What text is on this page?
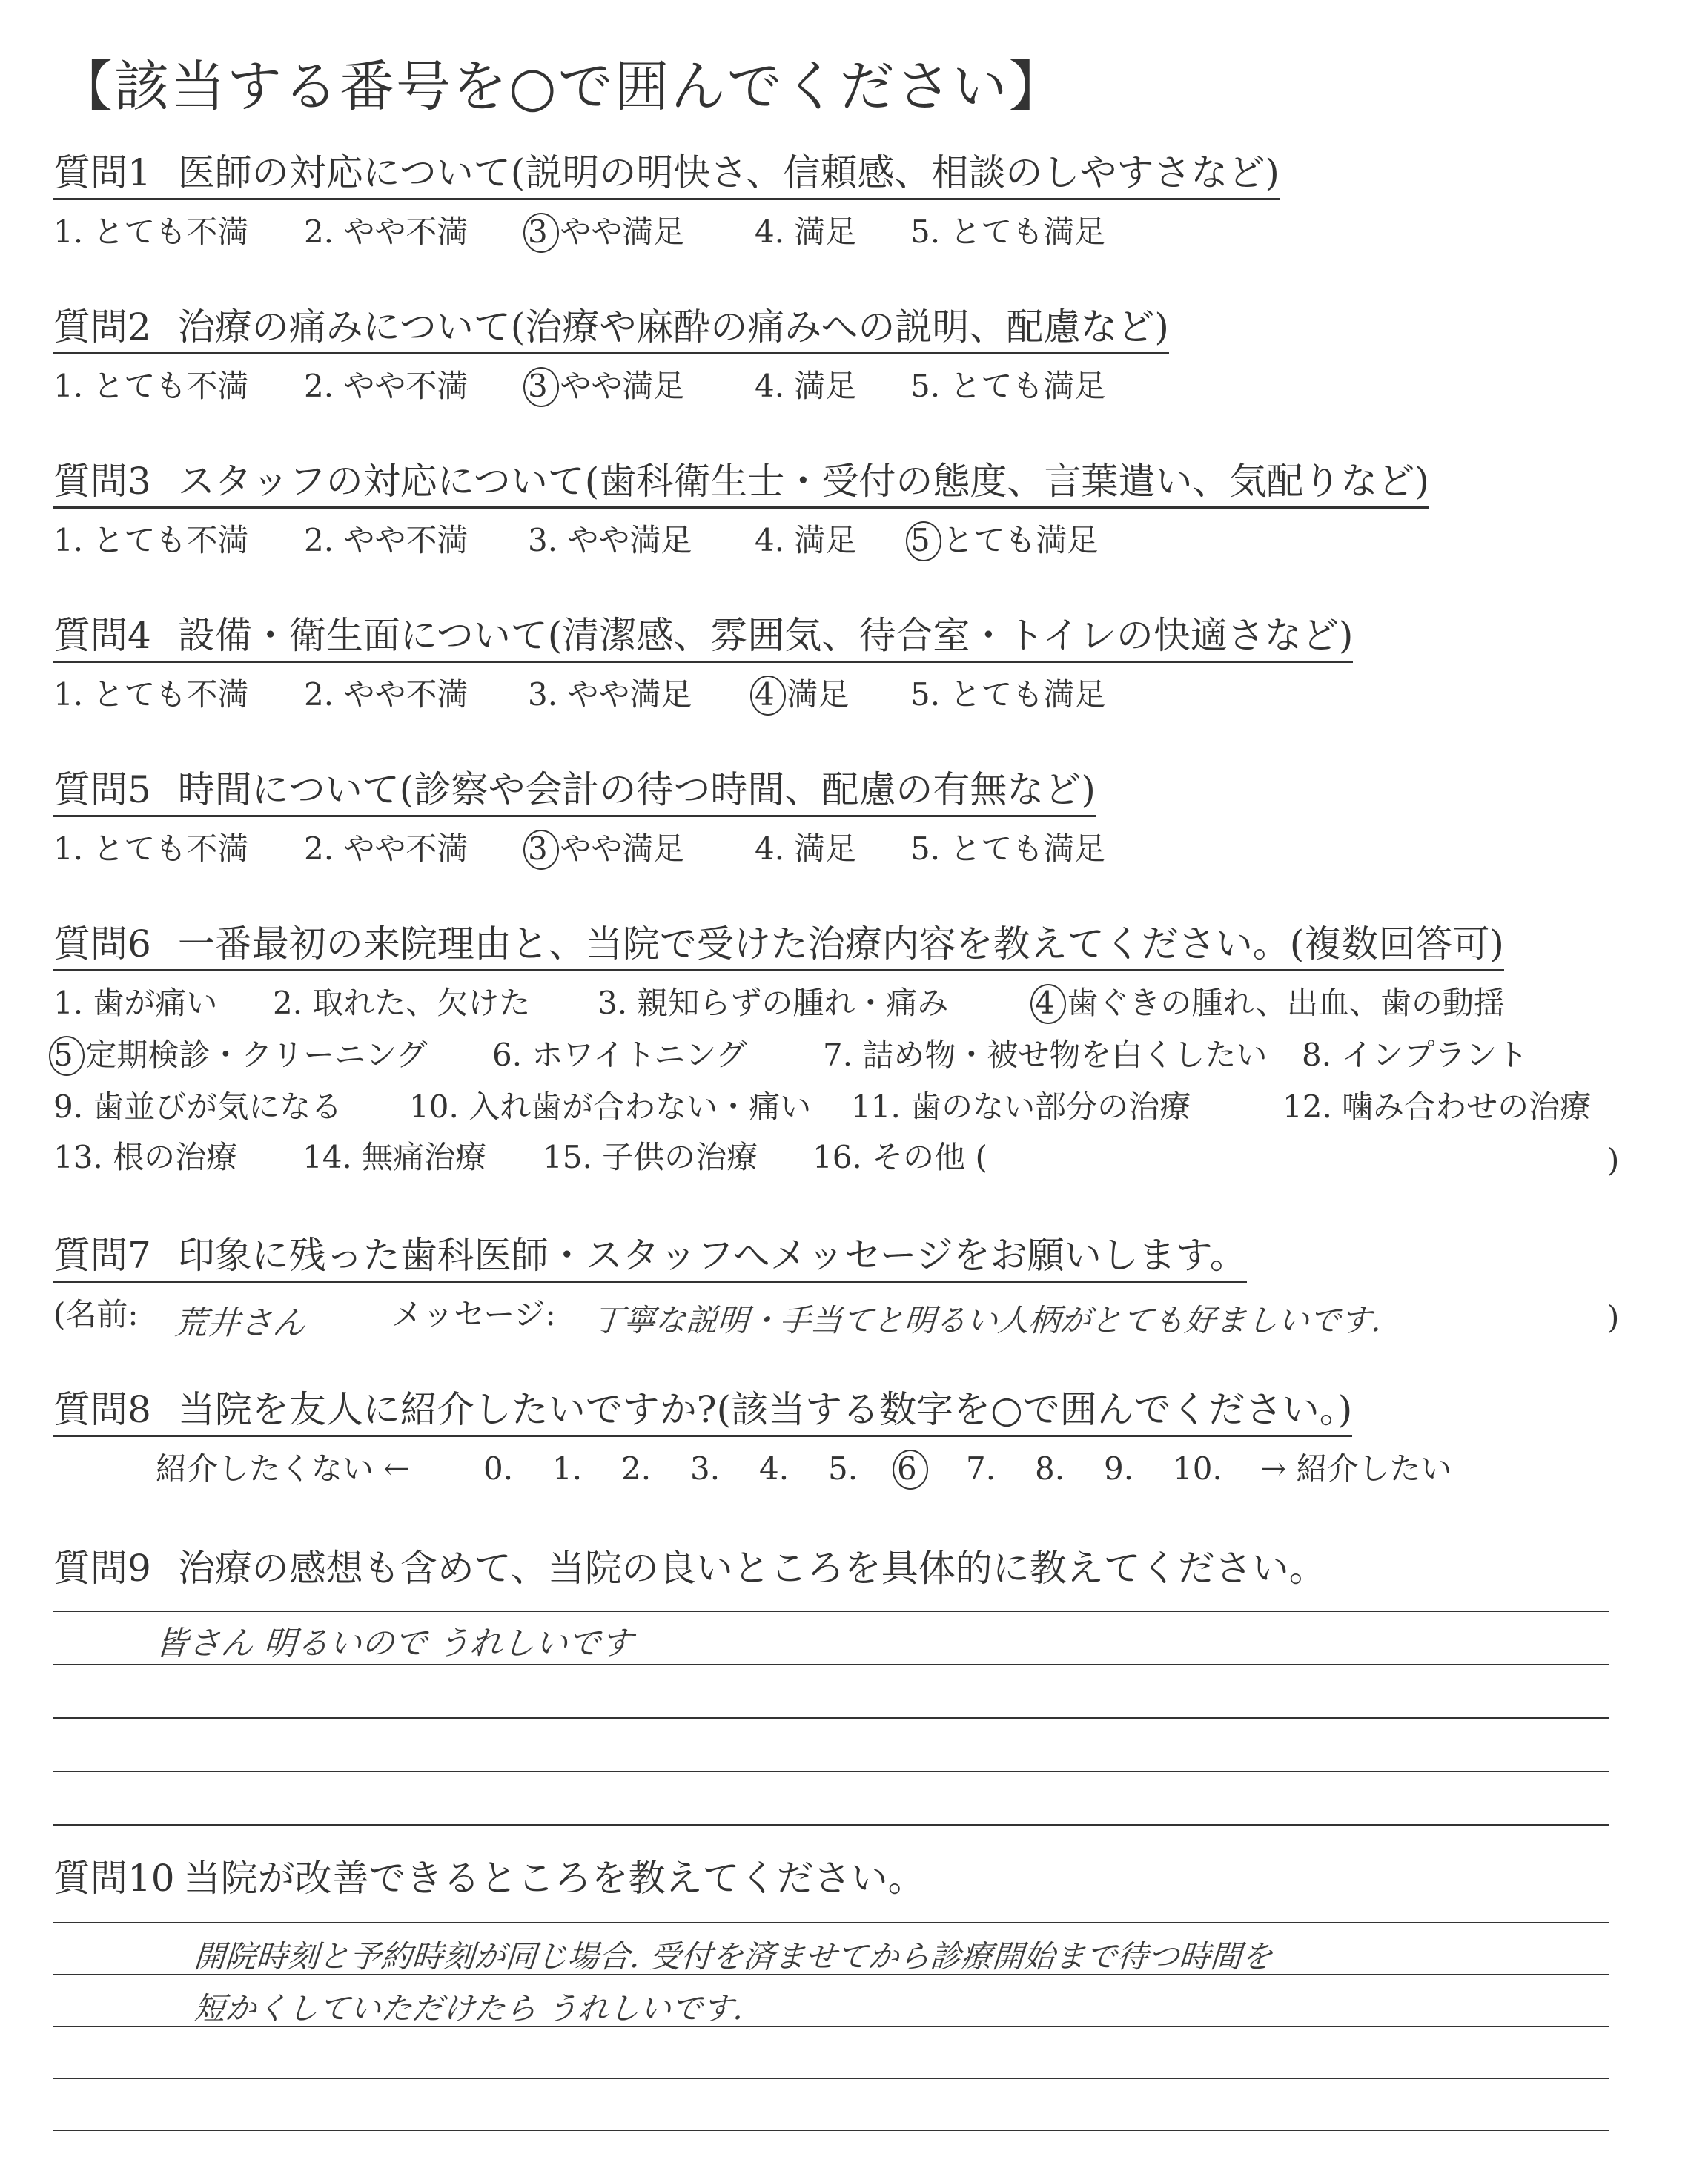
【該当する番号を○で囲んでください】
質問1 医師の対応について(説明の明快さ、信頼感、相談のしやすさなど)
1. とても不満 2. やや不満 3 やや満足 4. 満足 5. とても満足
質問2 治療の痛みについて(治療や麻酔の痛みへの説明、配慮など)
1. とても不満 2. やや不満 3 やや満足 4. 満足 5. とても満足
質問3 スタッフの対応について(歯科衛生士・受付の態度、言葉遣い、気配りなど)
1. とても不満 2. やや不満 3. やや満足 4. 満足 5 とても満足
質問4 設備・衛生面について(清潔感、雰囲気、待合室・トイレの快適さなど)
1. とても不満 2. やや不満 3. やや満足 4 満足 5. とても満足
質問5 時間について(診察や会計の待つ時間、配慮の有無など)
1. とても不満 2. やや不満 3 やや満足 4. 満足 5. とても満足
質問6 一番最初の来院理由と、当院で受けた治療内容を教えてください。(複数回答可)
1. 歯が痛い 2. 取れた、欠けた 3. 親知らずの腫れ・痛み	4 歯ぐきの腫れ、出血、歯の動揺
5 定期検診・クリーニング 6. ホワイトニング 7. 詰め物・被せ物を白くしたい 8. インプラント
9. 歯並びが気になる 10. 入れ歯が合わない・痛い 11. 歯のない部分の治療	12. 噛み合わせの治療
13. 根の治療 14. 無痛治療 15. 子供の治療 16. その他 (	)
質問7 印象に残った歯科医師・スタッフへメッセージをお願いします。
(名前: 荒井さん	メッセージ: 丁寧な説明・手当てと明るい人柄がとても好ましいです.	)
質問8 当院を友人に紹介したいですか?(該当する数字を○で囲んでください。)
紹介したくない ←	→ 紹介したい
0. 1. 2. 3. 4. 5. 6 7. 8. 9. 10.
質問9 治療の感想も含めて、当院の良いところを具体的に教えてください。
皆さん 明るいので うれしいです
質問10 当院が改善できるところを教えてください。
開院時刻と予約時刻が同じ場合. 受付を済ませてから診療開始まで待つ時間を
短かくしていただけたら うれしいです.
